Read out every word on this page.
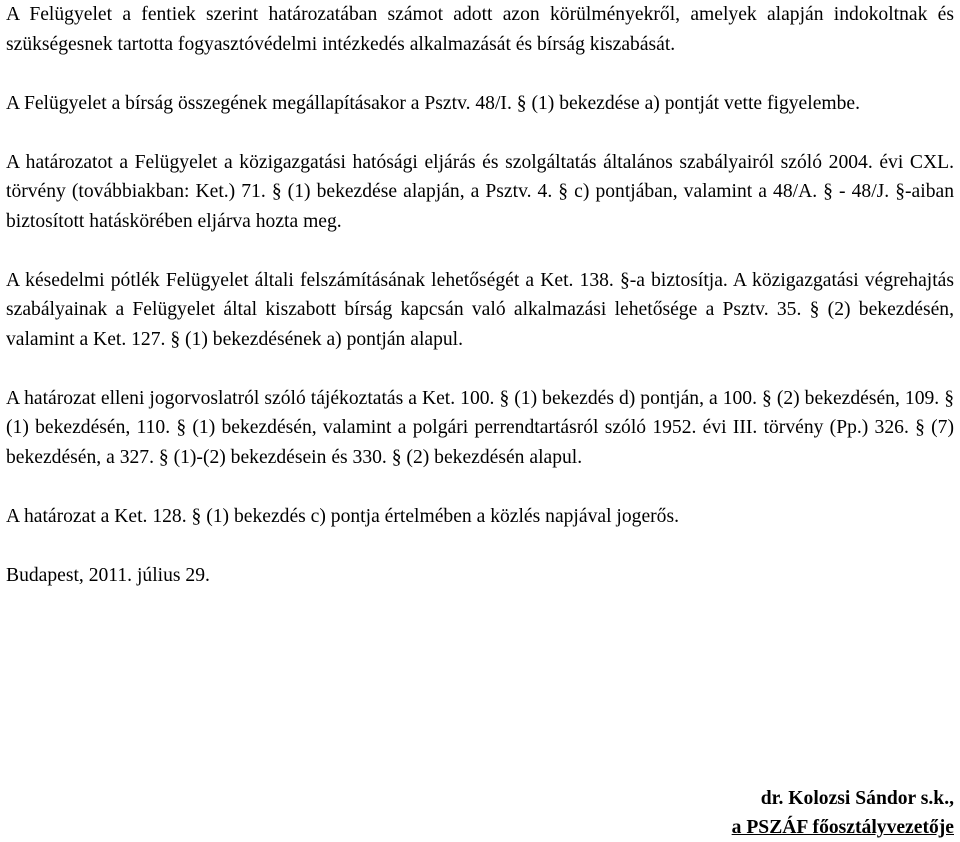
A Felügyelet a fentiek szerint határozatában számot adott azon körülményekről, amelyek alapján indokoltnak és szükségesnek tartotta fogyasztóvédelmi intézkedés alkalmazását és bírság kiszabását.

A Felügyelet a bírság összegének megállapításakor a Psztv. 48/I. § (1) bekezdése a) pontját vette figyelembe.

A határozatot a Felügyelet a közigazgatási hatósági eljárás és szolgáltatás általános szabályairól szóló 2004. évi CXL. törvény (továbbiakban: Ket.) 71. § (1) bekezdése alapján, a Psztv. 4. § c) pontjában, valamint a 48/A. § - 48/J. §-aiban biztosított hatáskörében eljárva hozta meg.

A késedelmi pótlék Felügyelet általi felszámításának lehetőségét a Ket. 138. §-a biztosítja. A közigazgatási végrehajtás szabályainak a Felügyelet által kiszabott bírság kapcsán való alkalmazási lehetősége a Psztv. 35. § (2) bekezdésén, valamint a Ket. 127. § (1) bekezdésének a) pontján alapul.

A határozat elleni jogorvoslatról szóló tájékoztatás a Ket. 100. § (1) bekezdés d) pontján, a 100. § (2) bekezdésén, 109. § (1) bekezdésén, 110. § (1) bekezdésén, valamint a polgári perrendtartásról szóló 1952. évi III. törvény (Pp.) 326. § (7) bekezdésén, a 327. § (1)-(2) bekezdésein és 330. § (2) bekezdésén alapul.

A határozat a Ket. 128. § (1) bekezdés c) pontja értelmében a közlés napjával jogerős.

Budapest, 2011. július 29.

dr. Kolozsi Sándor s.k.,
a PSZÁF főosztályvezetője
